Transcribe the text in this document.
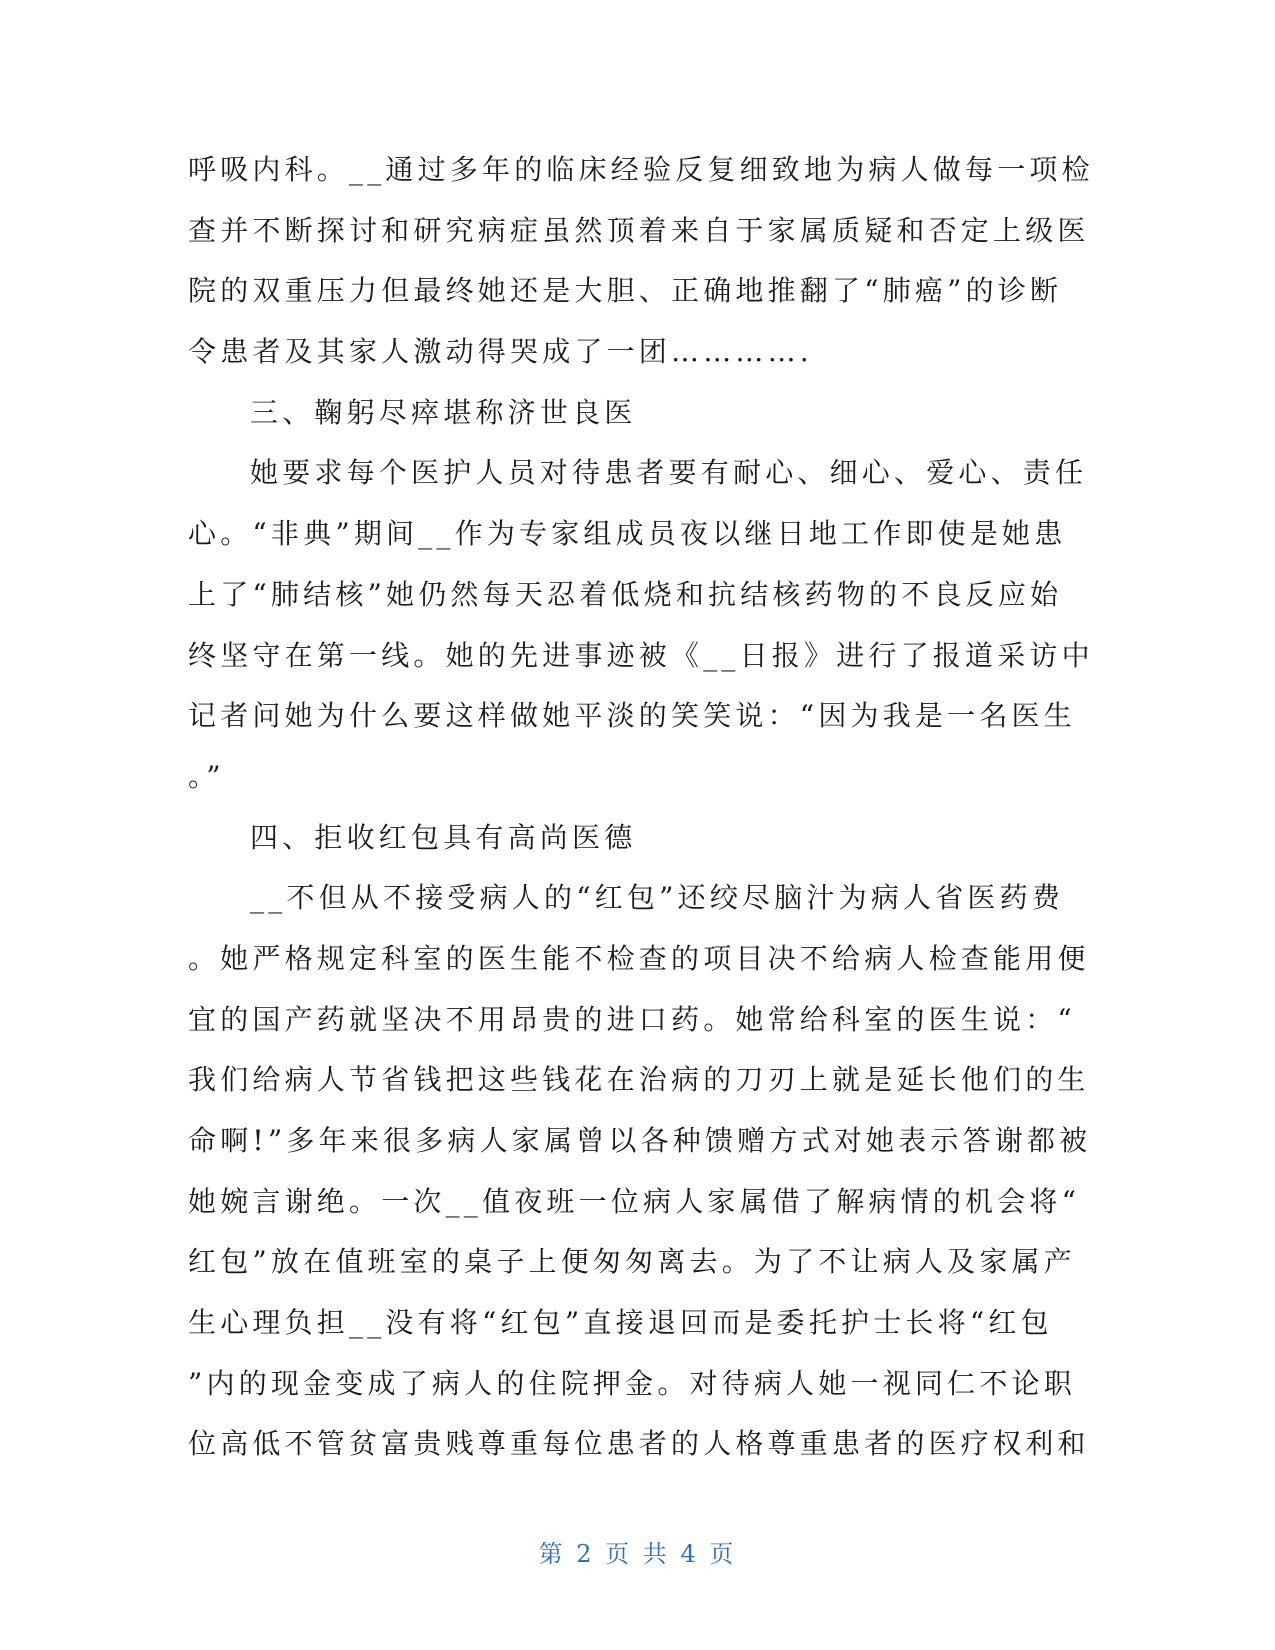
呼吸内科。__通过多年的临床经验反复细致地为病人做每一项检
查并不断探讨和研究病症虽然顶着来自于家属质疑和否定上级医
院的双重压力但最终她还是大胆、正确地推翻了“肺癌”的诊断
令患者及其家人激动得哭成了一团………….
三、鞠躬尽瘁堪称济世良医
她要求每个医护人员对待患者要有耐心、细心、爱心、责任
心。“非典”期间__作为专家组成员夜以继日地工作即使是她患
上了“肺结核”她仍然每天忍着低烧和抗结核药物的不良反应始
终坚守在第一线。她的先进事迹被《__日报》进行了报道采访中
记者问她为什么要这样做她平淡的笑笑说：“因为我是一名医生
。”
四、拒收红包具有高尚医德
__不但从不接受病人的“红包”还绞尽脑汁为病人省医药费
。她严格规定科室的医生能不检查的项目决不给病人检查能用便
宜的国产药就坚决不用昂贵的进口药。她常给科室的医生说：“
我们给病人节省钱把这些钱花在治病的刀刃上就是延长他们的生
命啊!”多年来很多病人家属曾以各种馈赠方式对她表示答谢都被
她婉言谢绝。一次__值夜班一位病人家属借了解病情的机会将“
红包”放在值班室的桌子上便匆匆离去。为了不让病人及家属产
生心理负担__没有将“红包”直接退回而是委托护士长将“红包
”内的现金变成了病人的住院押金。对待病人她一视同仁不论职
位高低不管贫富贵贱尊重每位患者的人格尊重患者的医疗权利和
第 2 页 共 4 页
